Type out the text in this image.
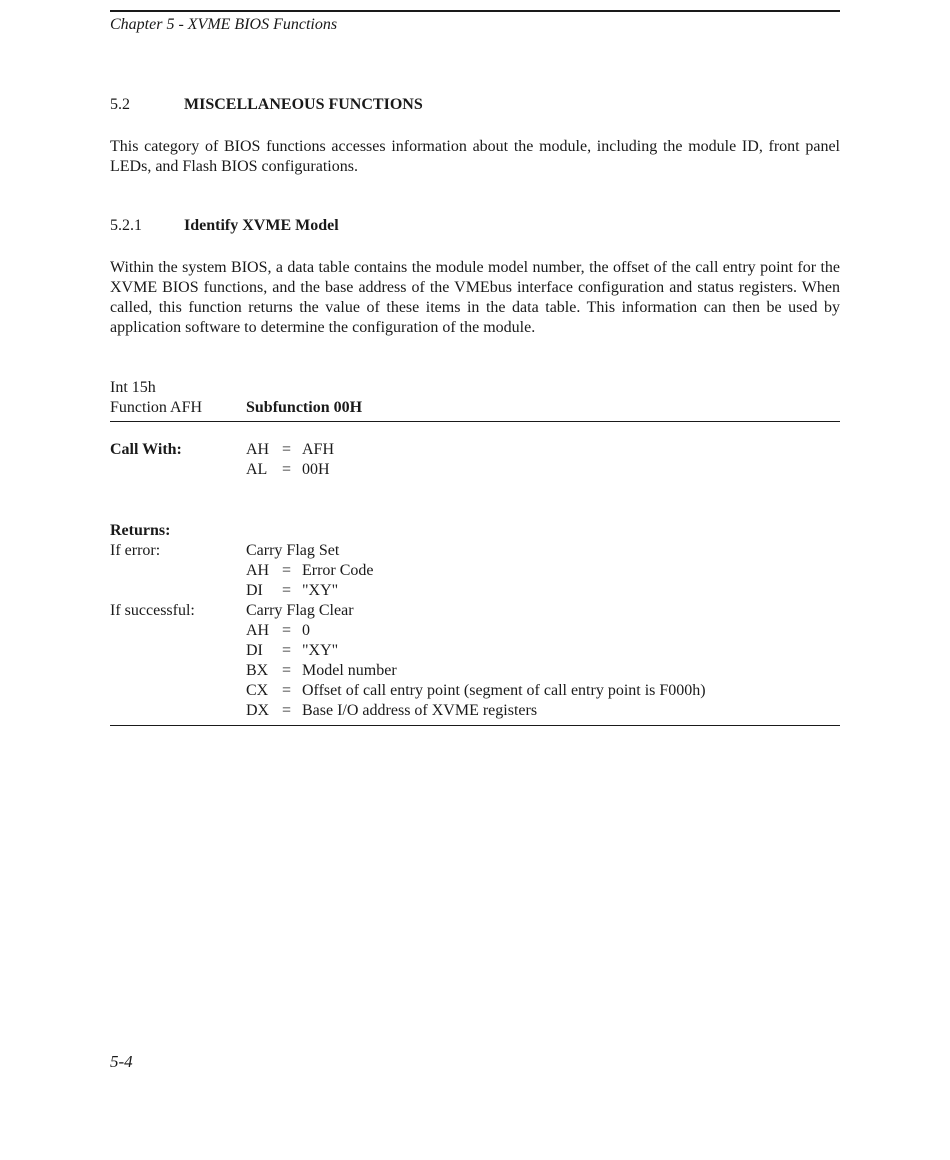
Chapter 5 - XVME BIOS Functions
5.2	MISCELLANEOUS FUNCTIONS
This category of BIOS functions accesses information about the module, including the module ID, front panel LEDs, and Flash BIOS configurations.
5.2.1	Identify XVME Model
Within the system BIOS, a data table contains the module model number, the offset of the call entry point for the XVME BIOS functions, and the base address of the VMEbus interface configuration and status registers. When called, this function returns the value of these items in the data table. This information can then be used by application software to determine the configuration of the module.
Int 15h
Function AFH	Subfunction 00H
Call With:	AH = AFH
AL = 00H
Returns:
If error:	Carry Flag Set
AH = Error Code
DI = "XY"
If successful:	Carry Flag Clear
AH = 0
DI = "XY"
BX = Model number
CX = Offset of call entry point (segment of call entry point is F000h)
DX = Base I/O address of XVME registers
5-4
